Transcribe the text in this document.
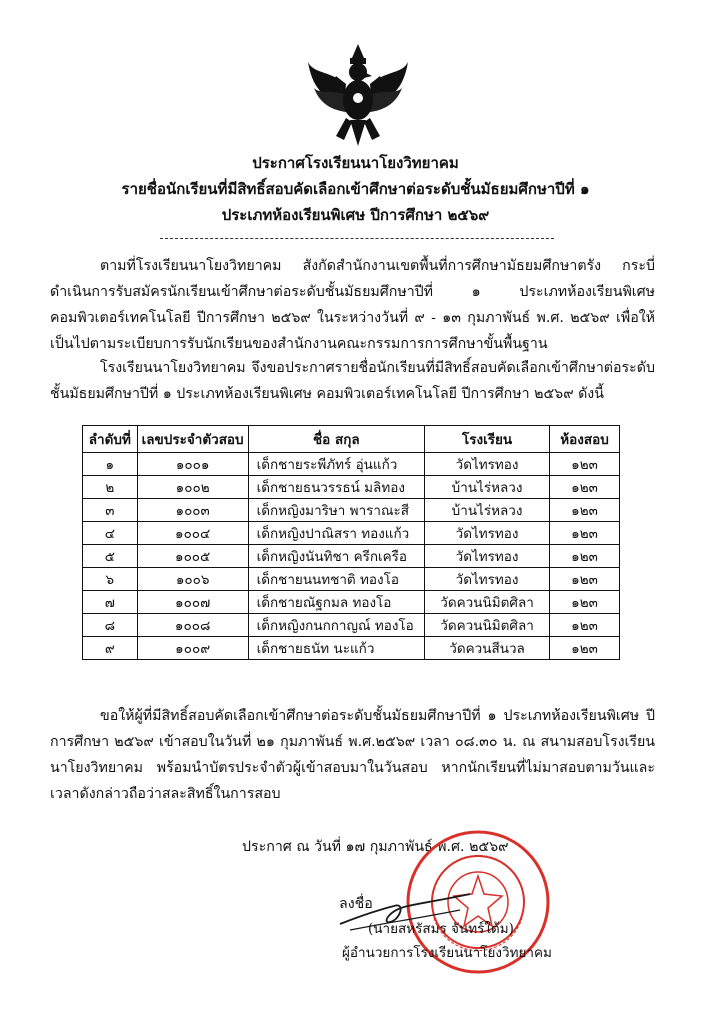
ประกาศโรงเรียนนาโยงวิทยาคม
รายชื่อนักเรียนที่มีสิทธิ์สอบคัดเลือกเข้าศึกษาต่อระดับชั้นมัธยมศึกษาปีที่ ๑
ประเภทห้องเรียนพิเศษ ปีการศึกษา ๒๕๖๙
ตามที่โรงเรียนนาโยงวิทยาคม สังกัดสำนักงานเขตพื้นที่การศึกษามัธยมศึกษาตรัง กระบี่ ดำเนินการรับสมัครนักเรียนเข้าศึกษาต่อระดับชั้นมัธยมศึกษาปีที่ ๑ ประเภทห้องเรียนพิเศษ คอมพิวเตอร์เทคโนโลยี ปีการศึกษา ๒๕๖๙ ในระหว่างวันที่ ๙ - ๑๓ กุมภาพันธ์ พ.ศ. ๒๕๖๙ เพื่อให้เป็นไปตามระเบียบการรับนักเรียนของสำนักงานคณะกรรมการการศึกษาขั้นพื้นฐาน
โรงเรียนนาโยงวิทยาคม จึงขอประกาศรายชื่อนักเรียนที่มีสิทธิ์สอบคัดเลือกเข้าศึกษาต่อระดับชั้นมัธยมศึกษาปีที่ ๑ ประเภทห้องเรียนพิเศษ คอมพิวเตอร์เทคโนโลยี ปีการศึกษา ๒๕๖๙ ดังนี้
ลำดับที่	เลขประจำตัวสอบ	ชื่อ สกุล	โรงเรียน	ห้องสอบ
๑	๑๐๐๑	เด็กชายระพีภัทร์ อุ่นแก้ว	วัดไทรทอง	๑๒๓
๒	๑๐๐๒	เด็กชายธนวรรธน์ มลิทอง	บ้านไร่หลวง	๑๒๓
๓	๑๐๐๓	เด็กหญิงมาริษา พาราณะสี	บ้านไร่หลวง	๑๒๓
๔	๑๐๐๔	เด็กหญิงปาณิสรา ทองแก้ว	วัดไทรทอง	๑๒๓
๕	๑๐๐๕	เด็กหญิงนันทิชา ครีกเครือ	วัดไทรทอง	๑๒๓
๖	๑๐๐๖	เด็กชายนนทชาติ ทองโอ	วัดไทรทอง	๑๒๓
๗	๑๐๐๗	เด็กชายณัฐกมล ทองโอ	วัดควนนิมิตศิลา	๑๒๓
๘	๑๐๐๘	เด็กหญิงกนกกาญณ์ ทองโอ	วัดควนนิมิตศิลา	๑๒๓
๙	๑๐๐๙	เด็กชายธนัท นะแก้ว	วัดควนสีนวล	๑๒๓
ขอให้ผู้ที่มีสิทธิ์สอบคัดเลือกเข้าศึกษาต่อระดับชั้นมัธยมศึกษาปีที่ ๑ ประเภทห้องเรียนพิเศษ ปีการศึกษา ๒๕๖๙ เข้าสอบในวันที่ ๒๑ กุมภาพันธ์ พ.ศ.๒๕๖๙ เวลา ๐๘.๓๐ น. ณ สนามสอบโรงเรียนนาโยงวิทยาคม พร้อมนำบัตรประจำตัวผู้เข้าสอบมาในวันสอบ หากนักเรียนที่ไม่มาสอบตามวันและเวลาดังกล่าวถือว่าสละสิทธิ์ในการสอบ
ประกาศ ณ วันที่ ๑๗ กุมภาพันธ์ พ.ศ. ๒๕๖๙
ลงชื่อ
(นายสหรัสมร จันทร์ใต้ม)
ผู้อำนวยการโรงเรียนนาโยงวิทยาคม
